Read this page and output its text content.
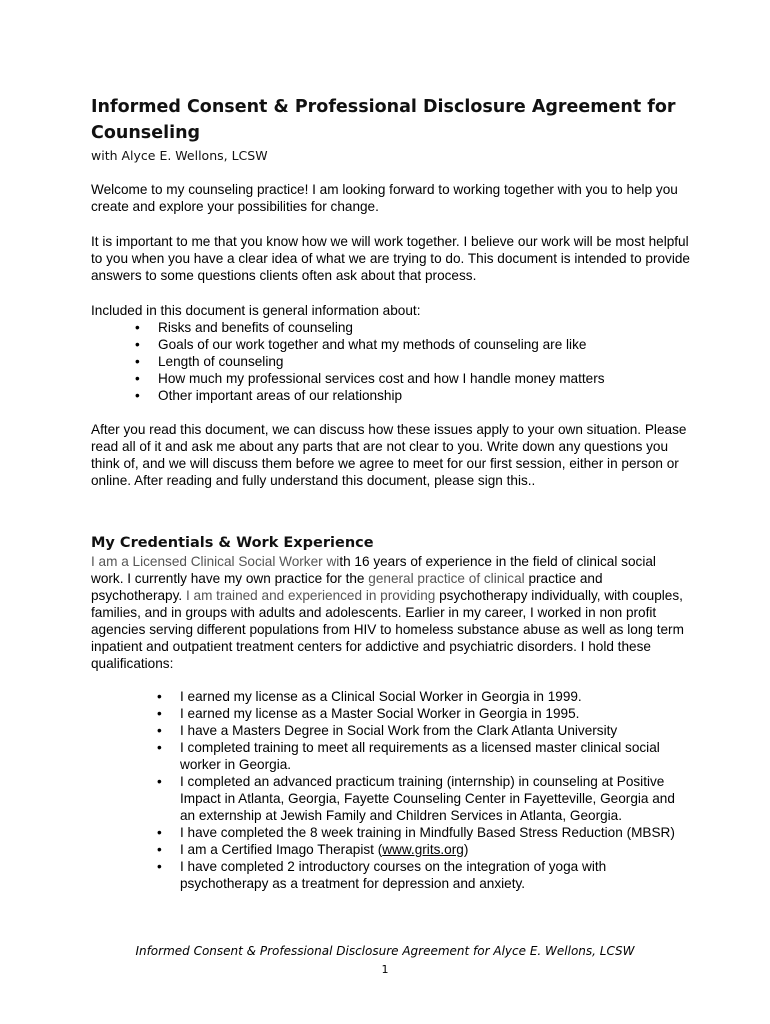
Informed Consent & Professional Disclosure Agreement for Counseling
with Alyce E. Wellons, LCSW

Welcome to my counseling practice! I am looking forward to working together with you to help you create and explore your possibilities for change.

It is important to me that you know how we will work together. I believe our work will be most helpful to you when you have a clear idea of what we are trying to do. This document is intended to provide answers to some questions clients often ask about that process.

Included in this document is general information about:

• Risks and benefits of counseling
• Goals of our work together and what my methods of counseling are like
• Length of counseling
• How much my professional services cost and how I handle money matters
• Other important areas of our relationship

After you read this document, we can discuss how these issues apply to your own situation. Please read all of it and ask me about any parts that are not clear to you. Write down any questions you think of, and we will discuss them before we agree to meet for our first session, either in person or online. After reading and fully understand this document, please sign this..

My Credentials & Work Experience

I am a Licensed Clinical Social Worker with 16 years of experience in the field of clinical social work. I currently have my own practice for the general practice of clinical practice and psychotherapy. I am trained and experienced in providing psychotherapy individually, with couples, families, and in groups with adults and adolescents. Earlier in my career, I worked in non profit agencies serving different populations from HIV to homeless substance abuse as well as long term inpatient and outpatient treatment centers for addictive and psychiatric disorders. I hold these qualifications:

• I earned my license as a Clinical Social Worker in Georgia in 1999.
• I earned my license as a Master Social Worker in Georgia in 1995.
• I have a Masters Degree in Social Work from the Clark Atlanta University
• I completed training to meet all requirements as a licensed master clinical social worker in Georgia.
• I completed an advanced practicum training (internship) in counseling at Positive Impact in Atlanta, Georgia, Fayette Counseling Center in Fayetteville, Georgia and an externship at Jewish Family and Children Services in Atlanta, Georgia.
• I have completed the 8 week training in Mindfully Based Stress Reduction (MBSR)
• I am a Certified Imago Therapist (www.grits.org)
• I have completed 2 introductory courses on the integration of yoga with psychotherapy as a treatment for depression and anxiety.
Informed Consent & Professional Disclosure Agreement for Alyce E. Wellons, LCSW
1
